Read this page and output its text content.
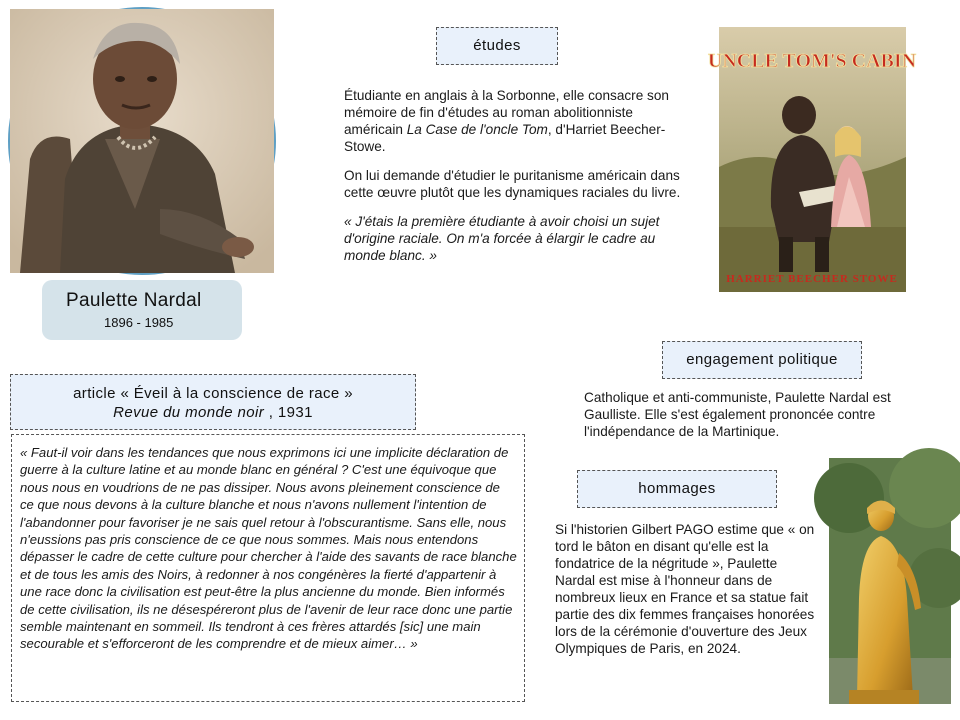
Paulette Nardal
1896 - 1985
études

Étudiante en anglais à la Sorbonne, elle consacre son mémoire de fin d'études au roman abolitionniste américain La Case de l'oncle Tom, d'Harriet Beecher-Stowe.

On lui demande d'étudier le puritanisme américain dans cette œuvre plutôt que les dynamiques raciales du livre.

« J'étais la première étudiante à avoir choisi un sujet d'origine raciale. On m'a forcée à élargir le cadre au monde blanc. »

UNCLE TOM'S CABIN
HARRIET BEECHER STOWE
engagement politique

Catholique et anti-communiste, Paulette Nardal est Gaulliste. Elle s'est également prononcée contre l'indépendance de la Martinique.

article « Éveil à la conscience de race »
Revue du monde noir , 1931

« Faut-il voir dans les tendances que nous exprimons ici une implicite déclaration de guerre à la culture latine et au monde blanc en général ? C'est une équivoque que nous nous en voudrions de ne pas dissiper. Nous avons pleinement conscience de ce que nous devons à la culture blanche et nous n'avons nullement l'intention de l'abandonner pour favoriser je ne sais quel retour à l'obscurantisme. Sans elle, nous n'eussions pas pris conscience de ce que nous sommes. Mais nous entendons dépasser le cadre de cette culture pour chercher à l'aide des savants de race blanche et de tous les amis des Noirs, à redonner à nos congénères la fierté d'appartenir à une race donc la civilisation est peut-être la plus ancienne du monde. Bien informés de cette civilisation, ils ne désespéreront plus de l'avenir de leur race donc une partie semble maintenant en sommeil. Ils tendront à ces frères attardés [sic] une main secourable et s'efforceront de les comprendre et de mieux aimer… »

hommages

Si l'historien Gilbert PAGO estime que « on tord le bâton en disant qu'elle est la fondatrice de la négritude », Paulette Nardal est mise à l'honneur dans de nombreux lieux en France et sa statue fait partie des dix femmes françaises honorées lors de la cérémonie d'ouverture des Jeux Olympiques de Paris, en 2024.
